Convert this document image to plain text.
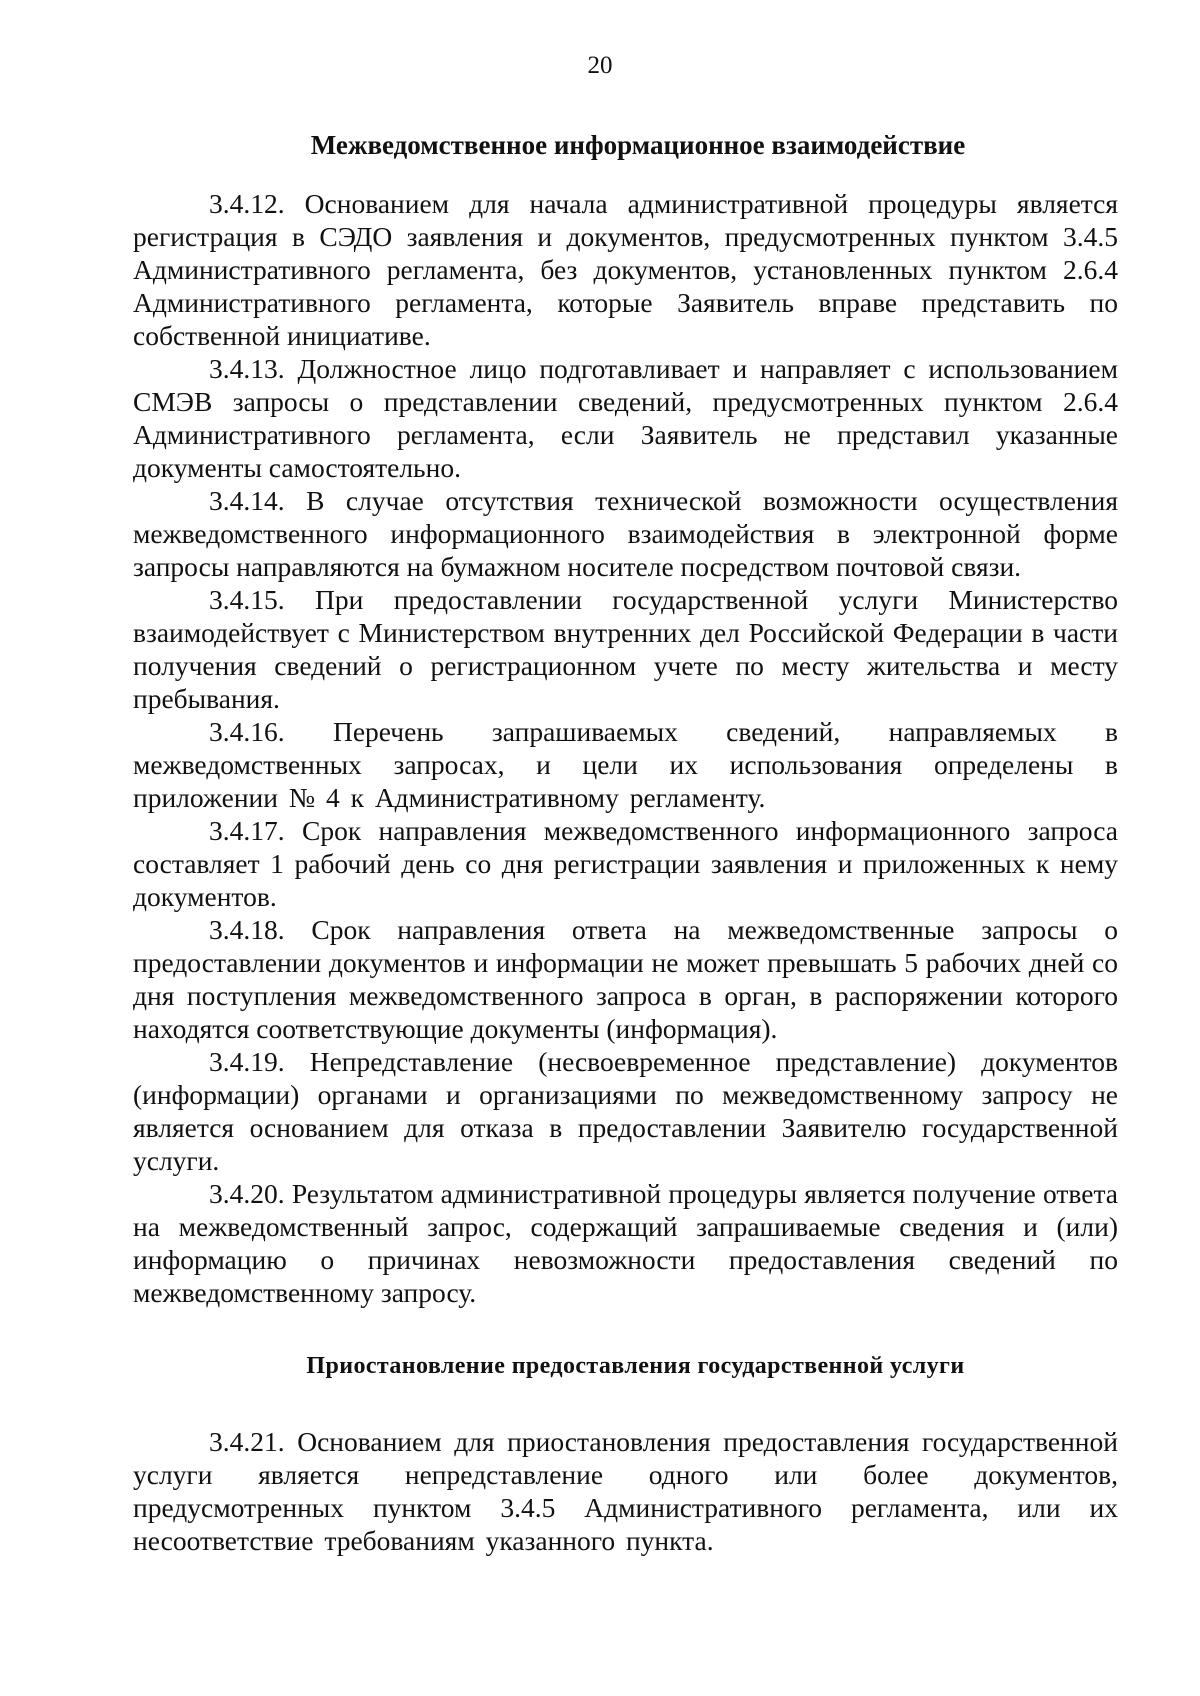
20
Межведомственное информационное взаимодействие

3.4.12. Основанием для начала административной процедуры является регистрация в СЭДО заявления и документов, предусмотренных пунктом 3.4.5 Административного регламента, без документов, установленных пунктом 2.6.4 Административного регламента, которые Заявитель вправе представить по собственной инициативе.

3.4.13. Должностное лицо подготавливает и направляет с использованием СМЭВ запросы о представлении сведений, предусмотренных пунктом 2.6.4 Административного регламента, если Заявитель не представил указанные документы самостоятельно.

3.4.14. В случае отсутствия технической возможности осуществления межведомственного информационного взаимодействия в электронной форме запросы направляются на бумажном носителе посредством почтовой связи.

3.4.15. При предоставлении государственной услуги Министерство взаимодействует с Министерством внутренних дел Российской Федерации в части получения сведений о регистрационном учете по месту жительства и месту пребывания.

3.4.16. Перечень запрашиваемых сведений, направляемых в межведомственных запросах, и цели их использования определены в приложении № 4 к Административному регламенту.

3.4.17. Срок направления межведомственного информационного запроса составляет 1 рабочий день со дня регистрации заявления и приложенных к нему документов.

3.4.18. Срок направления ответа на межведомственные запросы о предоставлении документов и информации не может превышать 5 рабочих дней со дня поступления межведомственного запроса в орган, в распоряжении которого находятся соответствующие документы (информация).

3.4.19. Непредставление (несвоевременное представление) документов (информации) органами и организациями по межведомственному запросу не является основанием для отказа в предоставлении Заявителю государственной услуги.

3.4.20. Результатом административной процедуры является получение ответа на межведомственный запрос, содержащий запрашиваемые сведения и (или) информацию о причинах невозможности предоставления сведений по межведомственному запросу.

Приостановление предоставления государственной услуги

3.4.21. Основанием для приостановления предоставления государственной услуги является непредставление одного или более документов, предусмотренных пунктом 3.4.5 Административного регламента, или их несоответствие требованиям указанного пункта.
